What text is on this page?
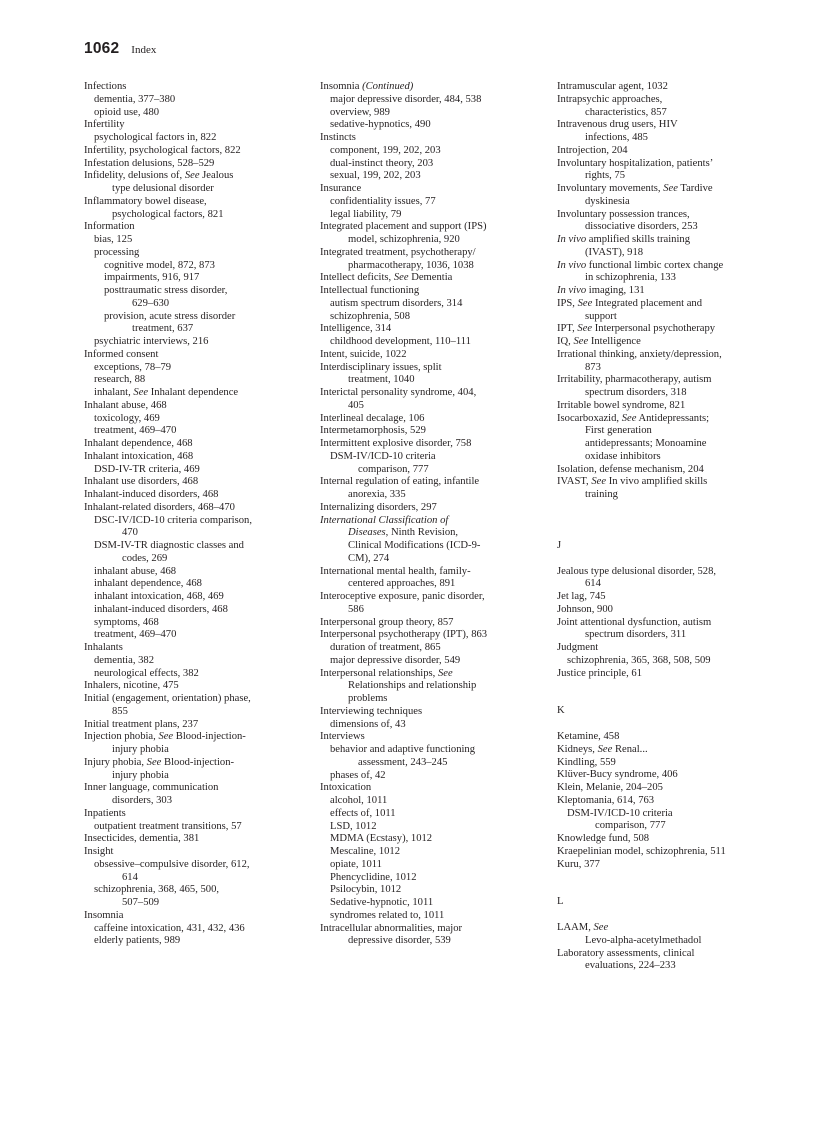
1062 Index
Infections
dementia, 377–380
opioid use, 480
Infertility
psychological factors in, 822
Infertility, psychological factors, 822
Infestation delusions, 528–529
Infidelity, delusions of, See Jealous
type delusional disorder
Inflammatory bowel disease,
psychological factors, 821
Information
bias, 125
processing
cognitive model, 872, 873
impairments, 916, 917
posttraumatic stress disorder,
629–630
provision, acute stress disorder
treatment, 637
psychiatric interviews, 216
Informed consent
exceptions, 78–79
research, 88
inhalant, See Inhalant dependence
Inhalant abuse, 468
toxicology, 469
treatment, 469–470
Inhalant dependence, 468
Inhalant intoxication, 468
DSD-IV-TR criteria, 469
Inhalant use disorders, 468
Inhalant-induced disorders, 468
Inhalant-related disorders, 468–470
DSC-IV/ICD-10 criteria comparison,
470
DSM-IV-TR diagnostic classes and
codes, 269
inhalant abuse, 468
inhalant dependence, 468
inhalant intoxication, 468, 469
inhalant-induced disorders, 468
symptoms, 468
treatment, 469–470
Inhalants
dementia, 382
neurological effects, 382
Inhalers, nicotine, 475
Initial (engagement, orientation) phase,
855
Initial treatment plans, 237
Injection phobia, See Blood-injection-
injury phobia
Injury phobia, See Blood-injection-
injury phobia
Inner language, communication
disorders, 303
Inpatients
outpatient treatment transitions, 57
Insecticides, dementia, 381
Insight
obsessive–compulsive disorder, 612,
614
schizophrenia, 368, 465, 500,
507–509
Insomnia
caffeine intoxication, 431, 432, 436
elderly patients, 989
Insomnia (Continued)
major depressive disorder, 484, 538
overview, 989
sedative-hypnotics, 490
Instincts
component, 199, 202, 203
dual-instinct theory, 203
sexual, 199, 202, 203
Insurance
confidentiality issues, 77
legal liability, 79
Integrated placement and support (IPS)
model, schizophrenia, 920
Integrated treatment, psychotherapy/
pharmacotherapy, 1036, 1038
Intellect deficits, See Dementia
Intellectual functioning
autism spectrum disorders, 314
schizophrenia, 508
Intelligence, 314
childhood development, 110–111
Intent, suicide, 1022
Interdisciplinary issues, split
treatment, 1040
Interictal personality syndrome, 404,
405
Interlineal decalage, 106
Intermetamorphosis, 529
Intermittent explosive disorder, 758
DSM-IV/ICD-10 criteria
comparison, 777
Internal regulation of eating, infantile
anorexia, 335
Internalizing disorders, 297
International Classification of
Diseases, Ninth Revision,
Clinical Modifications (ICD-9-
CM), 274
International mental health, family-
centered approaches, 891
Interoceptive exposure, panic disorder,
586
Interpersonal group theory, 857
Interpersonal psychotherapy (IPT), 863
duration of treatment, 865
major depressive disorder, 549
Interpersonal relationships, See
Relationships and relationship
problems
Interviewing techniques
dimensions of, 43
Interviews
behavior and adaptive functioning
assessment, 243–245
phases of, 42
Intoxication
alcohol, 1011
effects of, 1011
LSD, 1012
MDMA (Ecstasy), 1012
Mescaline, 1012
opiate, 1011
Phencyclidine, 1012
Psilocybin, 1012
Sedative-hypnotic, 1011
syndromes related to, 1011
Intracellular abnormalities, major
depressive disorder, 539
Intramuscular agent, 1032
Intrapsychic approaches,
characteristics, 857
Intravenous drug users, HIV
infections, 485
Introjection, 204
Involuntary hospitalization, patients’
rights, 75
Involuntary movements, See Tardive
dyskinesia
Involuntary possession trances,
dissociative disorders, 253
In vivo amplified skills training
(IVAST), 918
In vivo functional limbic cortex change
in schizophrenia, 133
In vivo imaging, 131
IPS, See Integrated placement and
support
IPT, See Interpersonal psychotherapy
IQ, See Intelligence
Irrational thinking, anxiety/depression,
873
Irritability, pharmacotherapy, autism
spectrum disorders, 318
Irritable bowel syndrome, 821
Isocarboxazid, See Antidepressants;
First generation
antidepressants; Monoamine
oxidase inhibitors
Isolation, defense mechanism, 204
IVAST, See In vivo amplified skills
training
J
Jealous type delusional disorder, 528,
614
Jet lag, 745
Johnson, 900
Joint attentional dysfunction, autism
spectrum disorders, 311
Judgment
schizophrenia, 365, 368, 508, 509
Justice principle, 61
K
Ketamine, 458
Kidneys, See Renal...
Kindling, 559
Klüver-Bucy syndrome, 406
Klein, Melanie, 204–205
Kleptomania, 614, 763
DSM-IV/ICD-10 criteria
comparison, 777
Knowledge fund, 508
Kraepelinian model, schizophrenia, 511
Kuru, 377
L
LAAM, See
Levo-alpha-acetylmethadol
Laboratory assessments, clinical
evaluations, 224–233
